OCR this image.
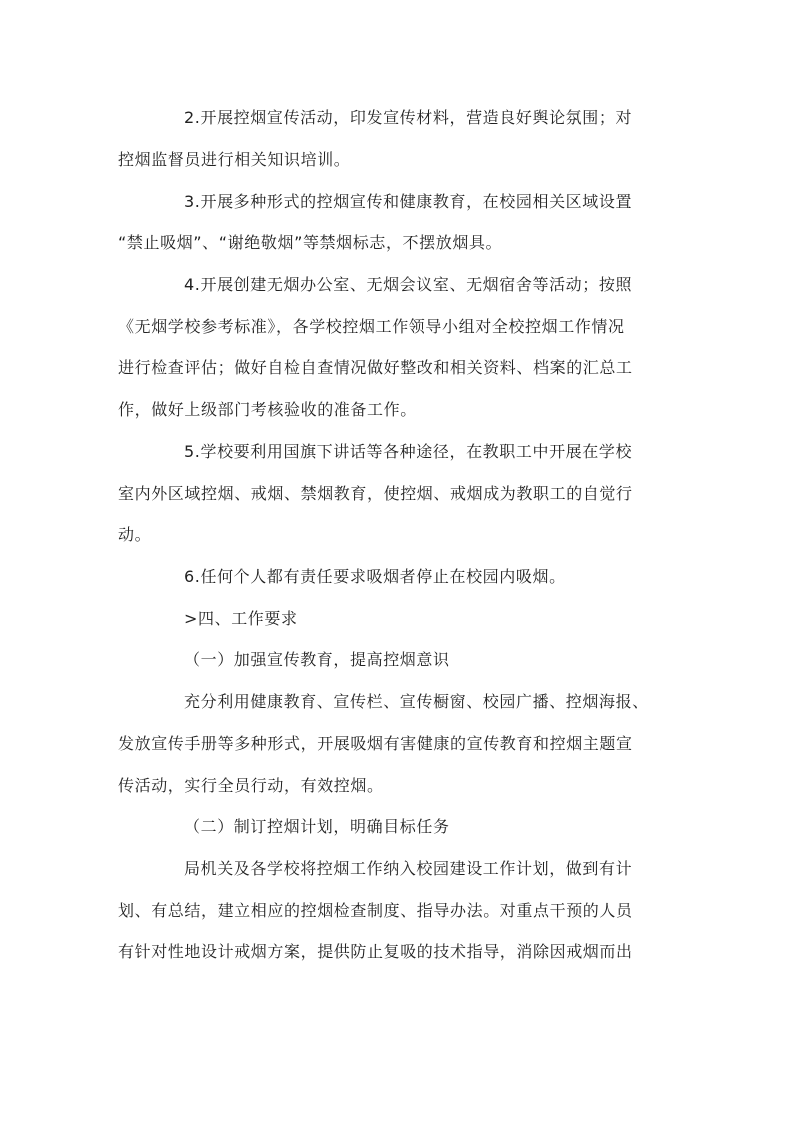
2.开展控烟宣传活动，印发宣传材料，营造良好舆论氛围；对
控烟监督员进行相关知识培训。
3.开展多种形式的控烟宣传和健康教育，在校园相关区域设置
“禁止吸烟”、“谢绝敬烟”等禁烟标志，不摆放烟具。
4.开展创建无烟办公室、无烟会议室、无烟宿舍等活动；按照
《无烟学校参考标准》，各学校控烟工作领导小组对全校控烟工作情况
进行检查评估；做好自检自查情况做好整改和相关资料、档案的汇总工
作，做好上级部门考核验收的准备工作。
5.学校要利用国旗下讲话等各种途径，在教职工中开展在学校
室内外区域控烟、戒烟、禁烟教育，使控烟、戒烟成为教职工的自觉行
动。
6.任何个人都有责任要求吸烟者停止在校园内吸烟。
>四、工作要求
（一）加强宣传教育，提高控烟意识
充分利用健康教育、宣传栏、宣传橱窗、校园广播、控烟海报、
发放宣传手册等多种形式，开展吸烟有害健康的宣传教育和控烟主题宣
传活动，实行全员行动，有效控烟。
（二）制订控烟计划，明确目标任务
局机关及各学校将控烟工作纳入校园建设工作计划，做到有计
划、有总结，建立相应的控烟检查制度、指导办法。对重点干预的人员
有针对性地设计戒烟方案，提供防止复吸的技术指导，消除因戒烟而出
